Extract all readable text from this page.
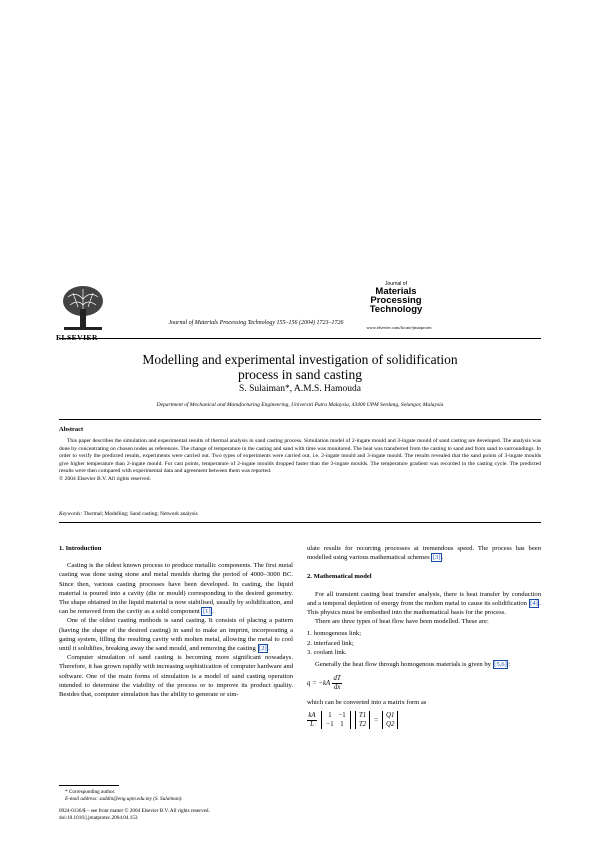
ELSEVIER
Journal of Materials Processing Technology 155–156 (2004) 1723–1726
Journal of
Materials
Processing
Technology
www.elsevier.com/locate/jmatprotec
Modelling and experimental investigation of solidification
process in sand casting
S. Sulaiman*, A.M.S. Hamouda
Department of Mechanical and Manufacturing Engineering, Universiti Putra Malaysia, 43400 UPM Serdang, Selangor, Malaysia
Abstract
This paper describes the simulation and experimental results of thermal analysis in sand casting process. Simulation model of 2-ingate mould and 3-ingate mould of sand casting are developed. The analysis was done by concentrating on chosen nodes as references. The change of temperature in the casting and sand with time was monitored. The heat was transferred from the casting to sand and from sand to surroundings. In order to verify the predicted results, experiments were carried out. Two types of experiments were carried out, i.e. 2-ingate mould and 3-ingate mould. The results revealed that the sand points of 3-ingate moulds give higher temperature than 2-ingate mould. For cast points, temperature of 2-ingate moulds dropped faster than the 3-ingate moulds. The temperature gradient was recorded in the casting cycle. The predicted results were then compared with experimental data and agreement between them was reported.
© 2004 Elsevier B.V. All rights reserved.
Keywords: Thermal; Modelling; Sand casting; Network analysis
1. Introduction

Casting is the oldest known process to produce metallic components. The first metal casting was done using stone and metal moulds during the period of 4000–3000 BC. Since then, various casting processes have been developed. In casting, the liquid material is poured into a cavity (die or mould) corresponding to the desired geometry. The shape obtained in the liquid material is now stabilised, usually by solidification, and can be removed from the cavity as a solid component [1] .

One of the oldest casting methods is sand casting. It consists of placing a pattern (having the shape of the desired casting) in sand to make an imprint, incorporating a gating system, filling the resulting cavity with molten metal, allowing the metal to cool until it solidifies, breaking away the sand mould, and removing the casting [2] .

Computer simulation of sand casting is becoming more significant nowadays. Therefore, it has grown rapidly with increasing sophistication of computer hardware and software. One of the main forms of simulation is a model of sand casting operation intended to determine the viability of the process or to improve its product quality. Besides that, computer simulation has the ability to generate or sim-

* Corresponding author.
E-mail address: suddin@eng.upm.edu.my (S. Sulaiman).
0924-0136/$ – see front matter © 2004 Elsevier B.V. All rights reserved.
doi:10.1016/j.jmatprotec.2004.04.153

ulate results for recurring processes at tremendous speed. The process has been modelled using various mathematical schemes [3] .

2. Mathematical model

For all transient casting heat transfer analysis, there is heat transfer by conduction and a temporal depletion of energy from the molten metal to cause its solidification [4] . This physics must be embodied into the mathematical basis for the process.

There are three types of heat flow have been modelled. These are:

1. homogenous link;
2. interfaced link;
3. coolant link.

Generally the heat flow through homogenous materials is given by [5,6] :

$q = -kA \frac{dT}{dx}$

which can be converted into a matrix form as

$\frac{kA}{L}$	1 −1
−1 1
T1
T2
=
Q1
Q2
